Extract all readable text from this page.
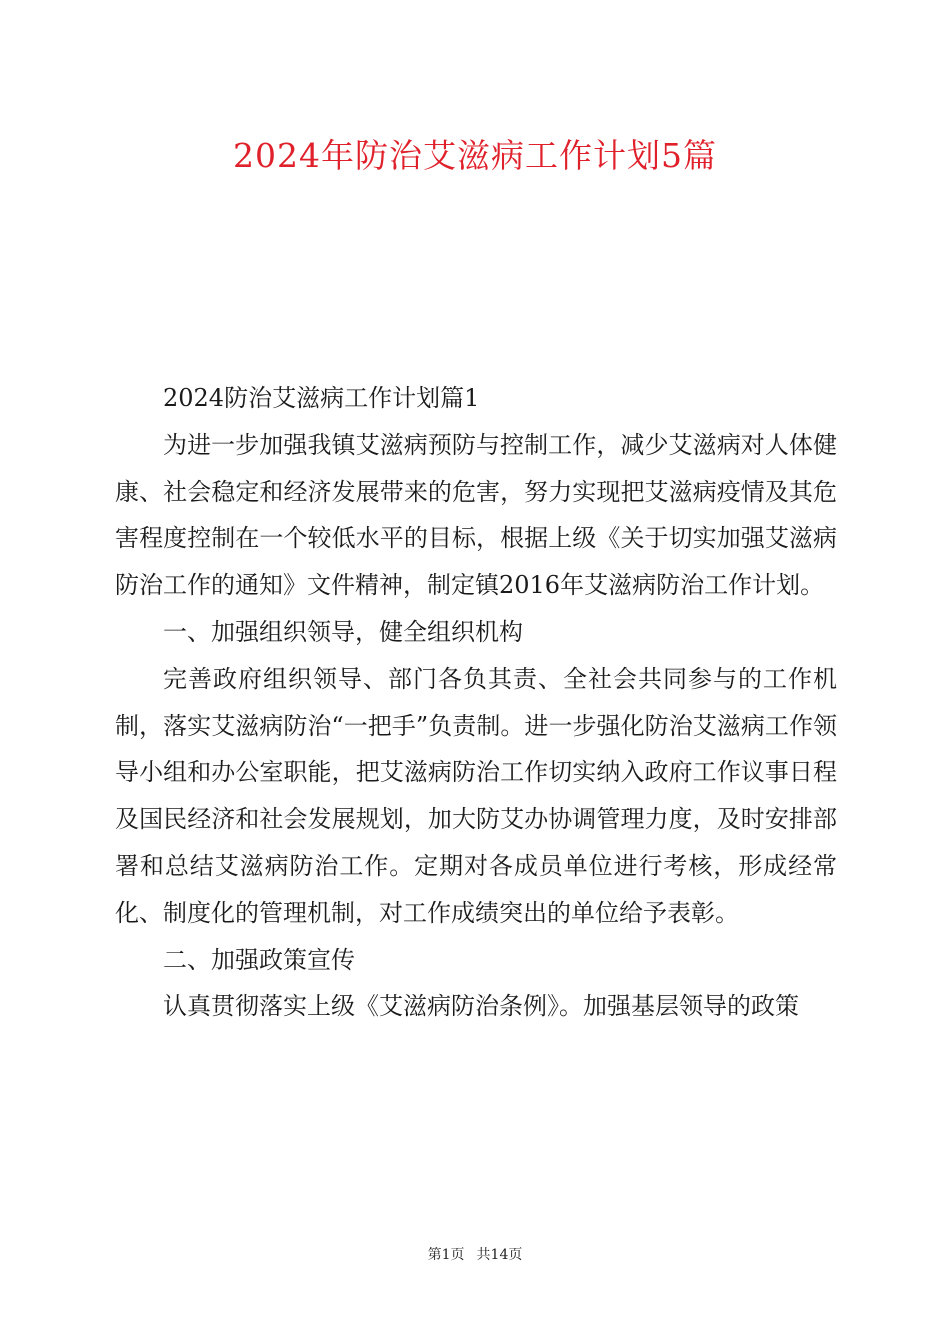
2024年防治艾滋病工作计划5篇

2024防治艾滋病工作计划篇1

为进一步加强我镇艾滋病预防与控制工作，减少艾滋病对人体健康、社会稳定和经济发展带来的危害，努力实现把艾滋病疫情及其危害程度控制在一个较低水平的目标，根据上级《关于切实加强艾滋病防治工作的通知》文件精神，制定镇2016年艾滋病防治工作计划。

一、加强组织领导，健全组织机构

完善政府组织领导、部门各负其责、全社会共同参与的工作机制，落实艾滋病防治“一把手”负责制。进一步强化防治艾滋病工作领导小组和办公室职能，把艾滋病防治工作切实纳入政府工作议事日程及国民经济和社会发展规划，加大防艾办协调管理力度，及时安排部署和总结艾滋病防治工作。定期对各成员单位进行考核，形成经常化、制度化的管理机制，对工作成绩突出的单位给予表彰。

二、加强政策宣传

认真贯彻落实上级《艾滋病防治条例》。加强基层领导的政策

第1页 共14页
